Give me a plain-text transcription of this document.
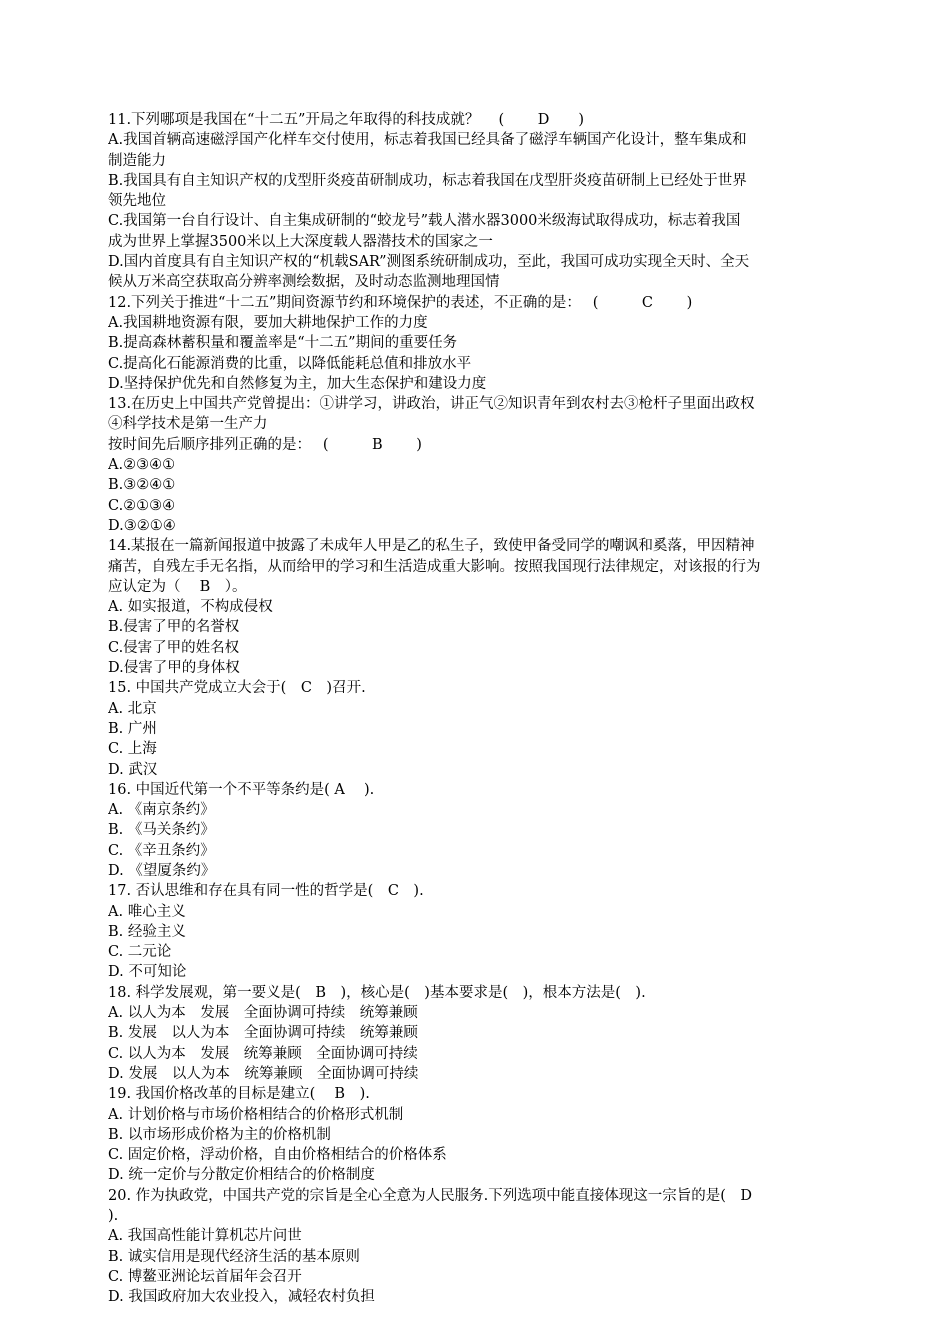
11.下列哪项是我国在“十二五”开局之年取得的科技成就？　 (　　 D　　)
A.我国首辆高速磁浮国产化样车交付使用，标志着我国已经具备了磁浮车辆国产化设计，整车集成和
制造能力
B.我国具有自主知识产权的戊型肝炎疫苗研制成功，标志着我国在戊型肝炎疫苗研制上已经处于世界
领先地位
C.我国第一台自行设计、自主集成研制的“蛟龙号”载人潜水器3000米级海试取得成功，标志着我国
成为世界上掌握3500米以上大深度载人器潜技术的国家之一
D.国内首度具有自主知识产权的“机载SAR”测图系统研制成功，至此，我国可成功实现全天时、全天
候从万米高空获取高分辨率测绘数据，及时动态监测地理国情
12.下列关于推进“十二五”期间资源节约和环境保护的表述，不正确的是：　 (　　　C　　 )
A.我国耕地资源有限，要加大耕地保护工作的力度
B.提高森林蓄积量和覆盖率是“十二五”期间的重要任务
C.提高化石能源消费的比重，以降低能耗总值和排放水平
D.坚持保护优先和自然修复为主，加大生态保护和建设力度
13.在历史上中国共产党曾提出：①讲学习，讲政治，讲正气②知识青年到农村去③枪杆子里面出政权
④科学技术是第一生产力
按时间先后顺序排列正确的是：　 (　　　B　　 )
A.②③④①
B.③②④①
C.②①③④
D.③②①④
14.某报在一篇新闻报道中披露了未成年人甲是乙的私生子，致使甲备受同学的嘲讽和奚落，甲因精神
痛苦，自残左手无名指，从而给甲的学习和生活造成重大影响。按照我国现行法律规定，对该报的行为
应认定为（　 B　）。
A. 如实报道，不构成侵权
B.侵害了甲的名誉权
C.侵害了甲的姓名权
D.侵害了甲的身体权
15. 中国共产党成立大会于(　C　)召开.
A. 北京
B. 广州
C. 上海
D. 武汉
16. 中国近代第一个不平等条约是( A　 ).
A. 《南京条约》
B. 《马关条约》
C. 《辛丑条约》
D. 《望厦条约》
17. 否认思维和存在具有同一性的哲学是(　C　).
A. 唯心主义
B. 经验主义
C. 二元论
D. 不可知论
18. 科学发展观，第一要义是(　B　)，核心是(　)基本要求是(　)，根本方法是(　).
A. 以人为本　发展　全面协调可持续　统筹兼顾
B. 发展　以人为本　全面协调可持续　统筹兼顾
C. 以人为本　发展　统筹兼顾　全面协调可持续
D. 发展　以人为本　统筹兼顾　全面协调可持续
19. 我国价格改革的目标是建立(　 B　).
A. 计划价格与市场价格相结合的价格形式机制
B. 以市场形成价格为主的价格机制
C. 固定价格，浮动价格，自由价格相结合的价格体系
D. 统一定价与分散定价相结合的价格制度
20. 作为执政党，中国共产党的宗旨是全心全意为人民服务.下列选项中能直接体现这一宗旨的是(　D
).
A. 我国高性能计算机芯片问世
B. 诚实信用是现代经济生活的基本原则
C. 博鳌亚洲论坛首届年会召开
D. 我国政府加大农业投入，减轻农村负担
